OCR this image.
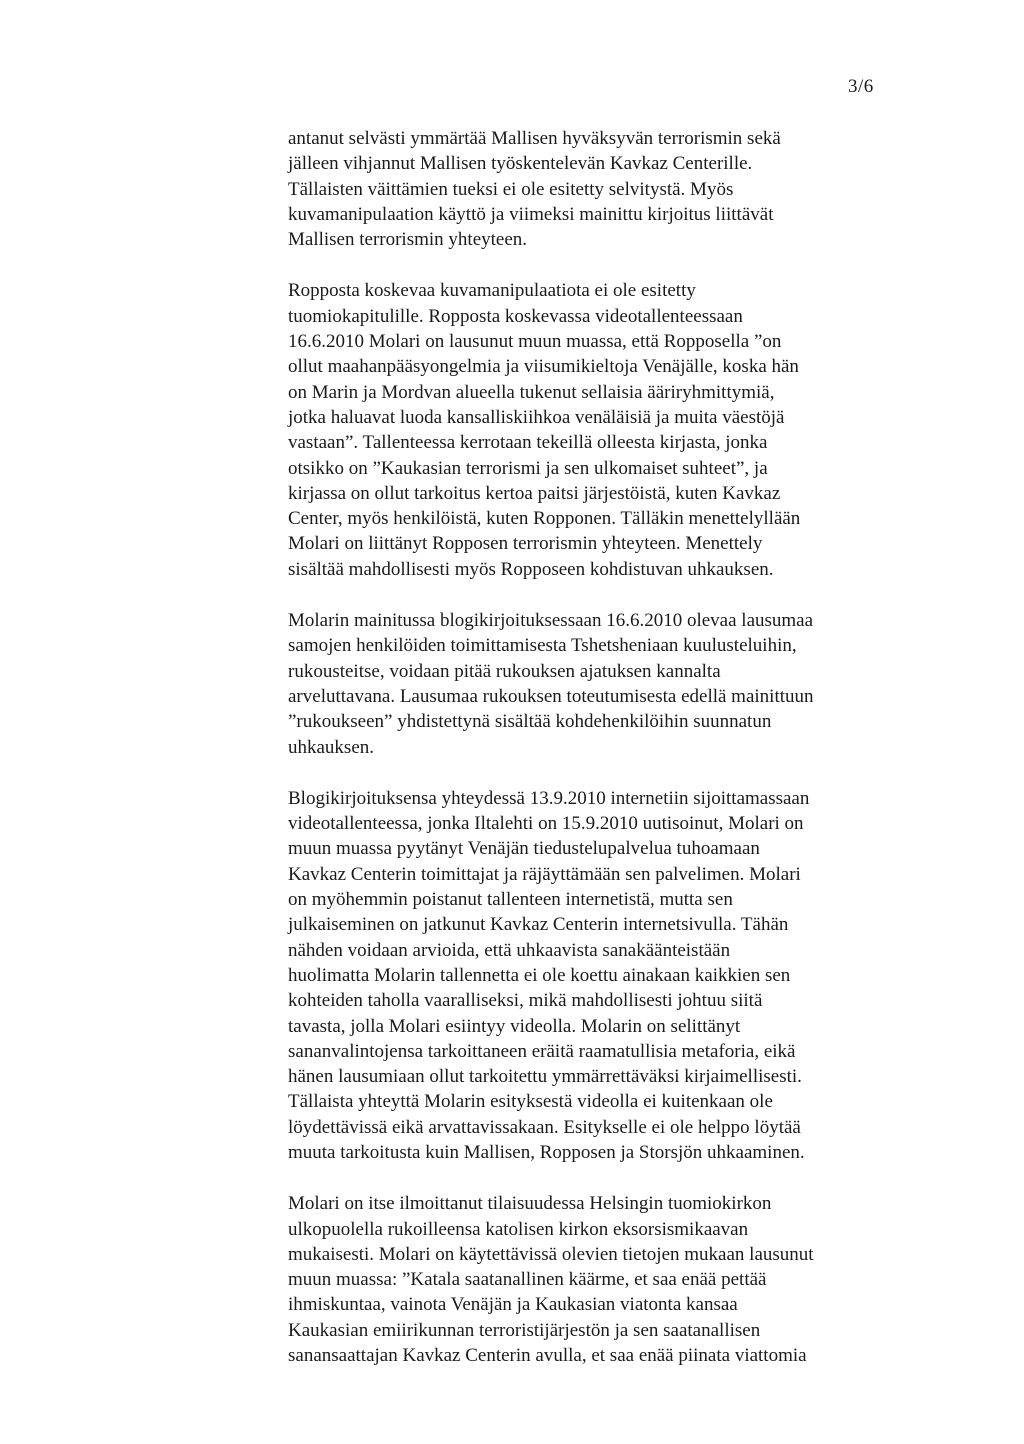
3/6

antanut selvästi ymmärtää Mallisen hyväksyvän terrorismin sekä
jälleen vihjannut Mallisen työskentelevän Kavkaz Centerille.
Tällaisten väittämien tueksi ei ole esitetty selvitystä. Myös
kuvamanipulaation käyttö ja viimeksi mainittu kirjoitus liittävät
Mallisen terrorismin yhteyteen.

Ropposta koskevaa kuvamanipulaatiota ei ole esitetty
tuomiokapitulille. Ropposta koskevassa videotallenteessaan
16.6.2010 Molari on lausunut muun muassa, että Ropposella ”on
ollut maahanpääsyongelmia ja viisumikieltoja Venäjälle, koska hän
on Marin ja Mordvan alueella tukenut sellaisia ääriryhmittymiä,
jotka haluavat luoda kansalliskiihkoa venäläisiä ja muita väestöjä
vastaan”. Tallenteessa kerrotaan tekeillä olleesta kirjasta, jonka
otsikko on ”Kaukasian terrorismi ja sen ulkomaiset suhteet”, ja
kirjassa on ollut tarkoitus kertoa paitsi järjestöistä, kuten Kavkaz
Center, myös henkilöistä, kuten Ropponen. Tälläkin menettelyllään
Molari on liittänyt Ropposen terrorismin yhteyteen. Menettely
sisältää mahdollisesti myös Ropposeen kohdistuvan uhkauksen.

Molarin mainitussa blogikirjoituksessaan 16.6.2010 olevaa lausumaa
samojen henkilöiden toimittamisesta Tshetsheniaan kuulusteluihin,
rukousteitse, voidaan pitää rukouksen ajatuksen kannalta
arveluttavana. Lausumaa rukouksen toteutumisesta edellä mainittuun
”rukoukseen” yhdistettynä sisältää kohdehenkilöihin suunnatun
uhkauksen.

Blogikirjoituksensa yhteydessä 13.9.2010 internetiin sijoittamassaan
videotallenteessa, jonka Iltalehti on 15.9.2010 uutisoinut, Molari on
muun muassa pyytänyt Venäjän tiedustelupalvelua tuhoamaan
Kavkaz Centerin toimittajat ja räjäyttämään sen palvelimen. Molari
on myöhemmin poistanut tallenteen internetistä, mutta sen
julkaiseminen on jatkunut Kavkaz Centerin internetsivulla. Tähän
nähden voidaan arvioida, että uhkaavista sanakäänteistään
huolimatta Molarin tallennetta ei ole koettu ainakaan kaikkien sen
kohteiden taholla vaaralliseksi, mikä mahdollisesti johtuu siitä
tavasta, jolla Molari esiintyy videolla. Molarin on selittänyt
sananvalintojensa tarkoittaneen eräitä raamatullisia metaforia, eikä
hänen lausumiaan ollut tarkoitettu ymmärrettäväksi kirjaimellisesti.
Tällaista yhteyttä Molarin esityksestä videolla ei kuitenkaan ole
löydettävissä eikä arvattavissakaan. Esitykselle ei ole helppo löytää
muuta tarkoitusta kuin Mallisen, Ropposen ja Storsjön uhkaaminen.

Molari on itse ilmoittanut tilaisuudessa Helsingin tuomiokirkon
ulkopuolella rukoilleensa katolisen kirkon eksorsismikaavan
mukaisesti. Molari on käytettävissä olevien tietojen mukaan lausunut
muun muassa: ”Katala saatanallinen käärme, et saa enää pettää
ihmiskuntaa, vainota Venäjän ja Kaukasian viatonta kansaa
Kaukasian emiirikunnan terroristijärjestön ja sen saatanallisen
sanansaattajan Kavkaz Centerin avulla, et saa enää piinata viattomia
